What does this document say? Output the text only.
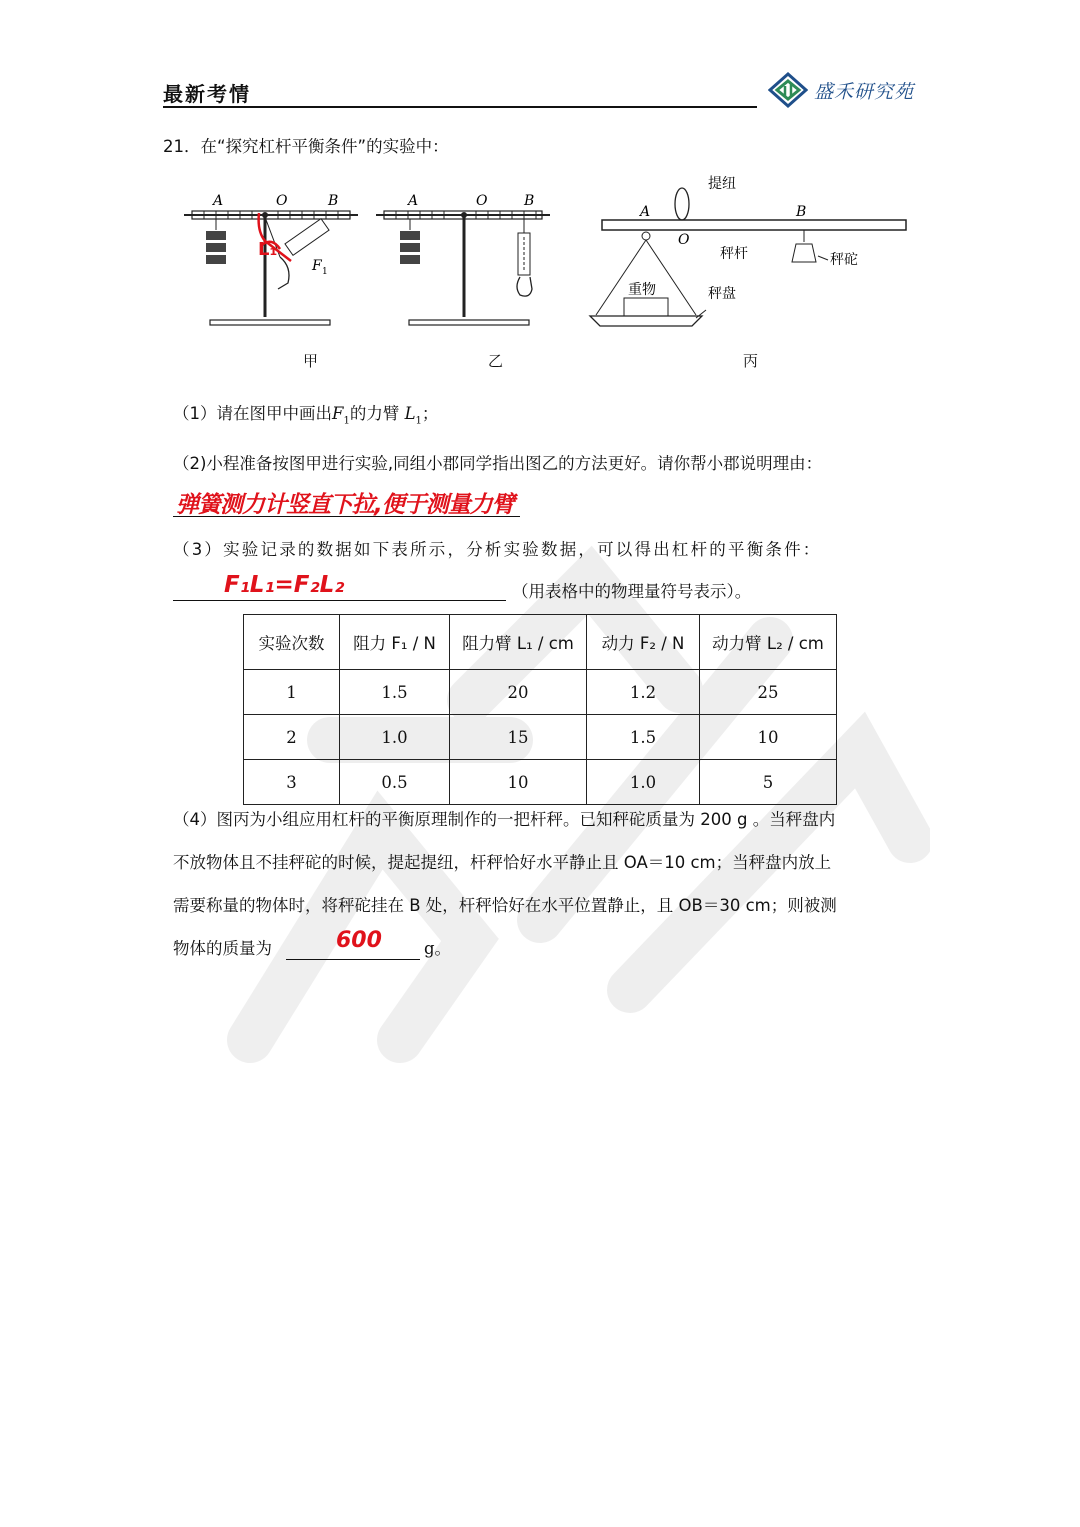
最新考情	盛禾研究苑
21．在“探究杠杆平衡条件”的实验中：
A	O	B
F 1
L₁
甲
A	O	B
乙
A
O
B
提纽
秤杆	秤砣
重物	秤盘
丙
（1）请在图甲中画出$F_1$的力臂 $L_1$；
（2)小程准备按图甲进行实验,同组小郡同学指出图乙的方法更好。请你帮小郡说明理由：
弹簧测力计竖直下拉,便于测量力臂
（3）实验记录的数据如下表所示，分析实验数据，可以得出杠杆的平衡条件：
F₁L₁=F₂L₂	（用表格中的物理量符号表示）。
实验次数	阻力 F₁ / N	阻力臂 L₁ / cm	动力 F₂ / N	动力臂 L₂ / cm
1	1.5	20	1.2	25
2	1.0	15	1.5	10
3	0.5	10	1.0	5
（4）图丙为小组应用杠杆的平衡原理制作的一把杆秤。已知秤砣质量为 200 g 。当秤盘内
不放物体且不挂秤砣的时候，提起提纽，杆秤恰好水平静止且 OA＝10 cm；当秤盘内放上
需要称量的物体时，将秤砣挂在 B 处，杆秤恰好在水平位置静止，且 OB＝30 cm；则被测
物体的质量为	600	g。
